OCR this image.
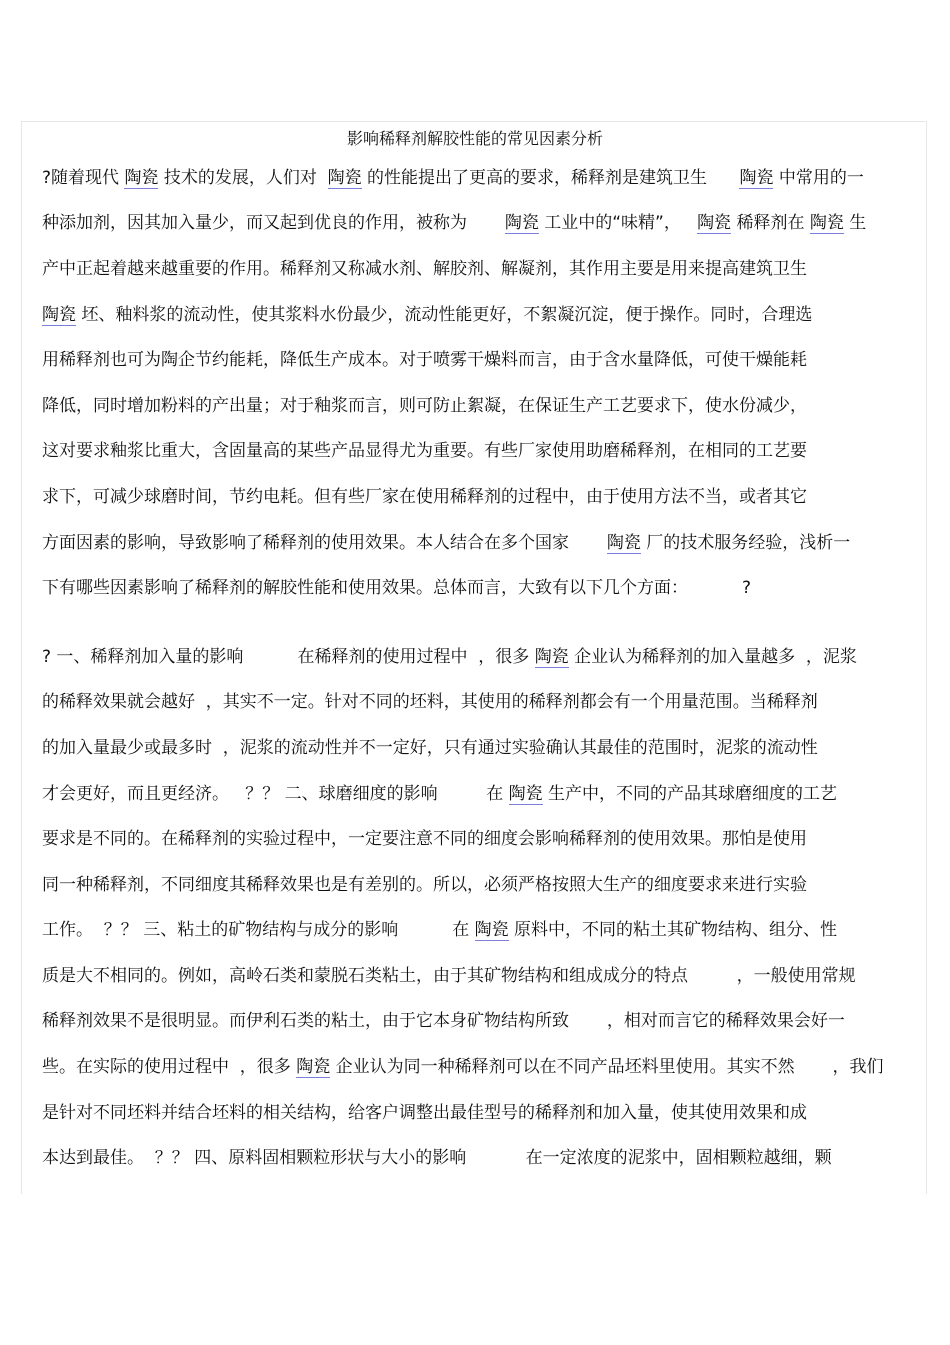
影响稀释剂解胶性能的常见因素分析
?随着现代 陶瓷 技术的发展，人们对  陶瓷 的性能提出了更高的要求，稀释剂是建筑卫生      陶瓷 中常用的一
种添加剂，因其加入量少，而又起到优良的作用，被称为       陶瓷 工业中的“味精”，   陶瓷 稀释剂在 陶瓷 生
产中正起着越来越重要的作用。稀释剂又称减水剂、解胶剂、解凝剂，其作用主要是用来提高建筑卫生
陶瓷 坯、釉料浆的流动性，使其浆料水份最少，流动性能更好，不絮凝沉淀，便于操作。同时，合理选
用稀释剂也可为陶企节约能耗，降低生产成本。对于喷雾干燥料而言，由于含水量降低，可使干燥能耗
降低，同时增加粉料的产出量；对于釉浆而言，则可防止絮凝，在保证生产工艺要求下，使水份减少，
这对要求釉浆比重大，含固量高的某些产品显得尤为重要。有些厂家使用助磨稀释剂，在相同的工艺要
求下，可减少球磨时间，节约电耗。但有些厂家在使用稀释剂的过程中，由于使用方法不当，或者其它
方面因素的影响，导致影响了稀释剂的使用效果。本人结合在多个国家       陶瓷 厂的技术服务经验，浅析一
下有哪些因素影响了稀释剂的解胶性能和使用效果。总体而言，大致有以下几个方面：          ?
? 一、稀释剂加入量的影响          在稀释剂的使用过程中  ，很多 陶瓷 企业认为稀释剂的加入量越多  ，泥浆
的稀释效果就会越好  ，其实不一定。针对不同的坯料，其使用的稀释剂都会有一个用量范围。当稀释剂
的加入量最少或最多时  ，泥浆的流动性并不一定好，只有通过实验确认其最佳的范围时，泥浆的流动性
才会更好，而且更经济。   ？？ 二、球磨细度的影响         在 陶瓷 生产中，不同的产品其球磨细度的工艺
要求是不同的。在稀释剂的实验过程中，一定要注意不同的细度会影响稀释剂的使用效果。那怕是使用
同一种稀释剂，不同细度其稀释效果也是有差别的。所以，必须严格按照大生产的细度要求来进行实验
工作。  ？？ 三、粘土的矿物结构与成分的影响          在 陶瓷 原料中，不同的粘土其矿物结构、组分、性
质是大不相同的。例如，高岭石类和蒙脱石类粘土，由于其矿物结构和组成成分的特点         ，一般使用常规
稀释剂效果不是很明显。而伊利石类的粘土，由于它本身矿物结构所致       ，相对而言它的稀释效果会好一
些。在实际的使用过程中  ，很多 陶瓷 企业认为同一种稀释剂可以在不同产品坯料里使用。其实不然       ，我们
是针对不同坯料并结合坯料的相关结构，给客户调整出最佳型号的稀释剂和加入量，使其使用效果和成
本达到最佳。  ？？ 四、原料固相颗粒形状与大小的影响           在一定浓度的泥浆中，固相颗粒越细，颗
